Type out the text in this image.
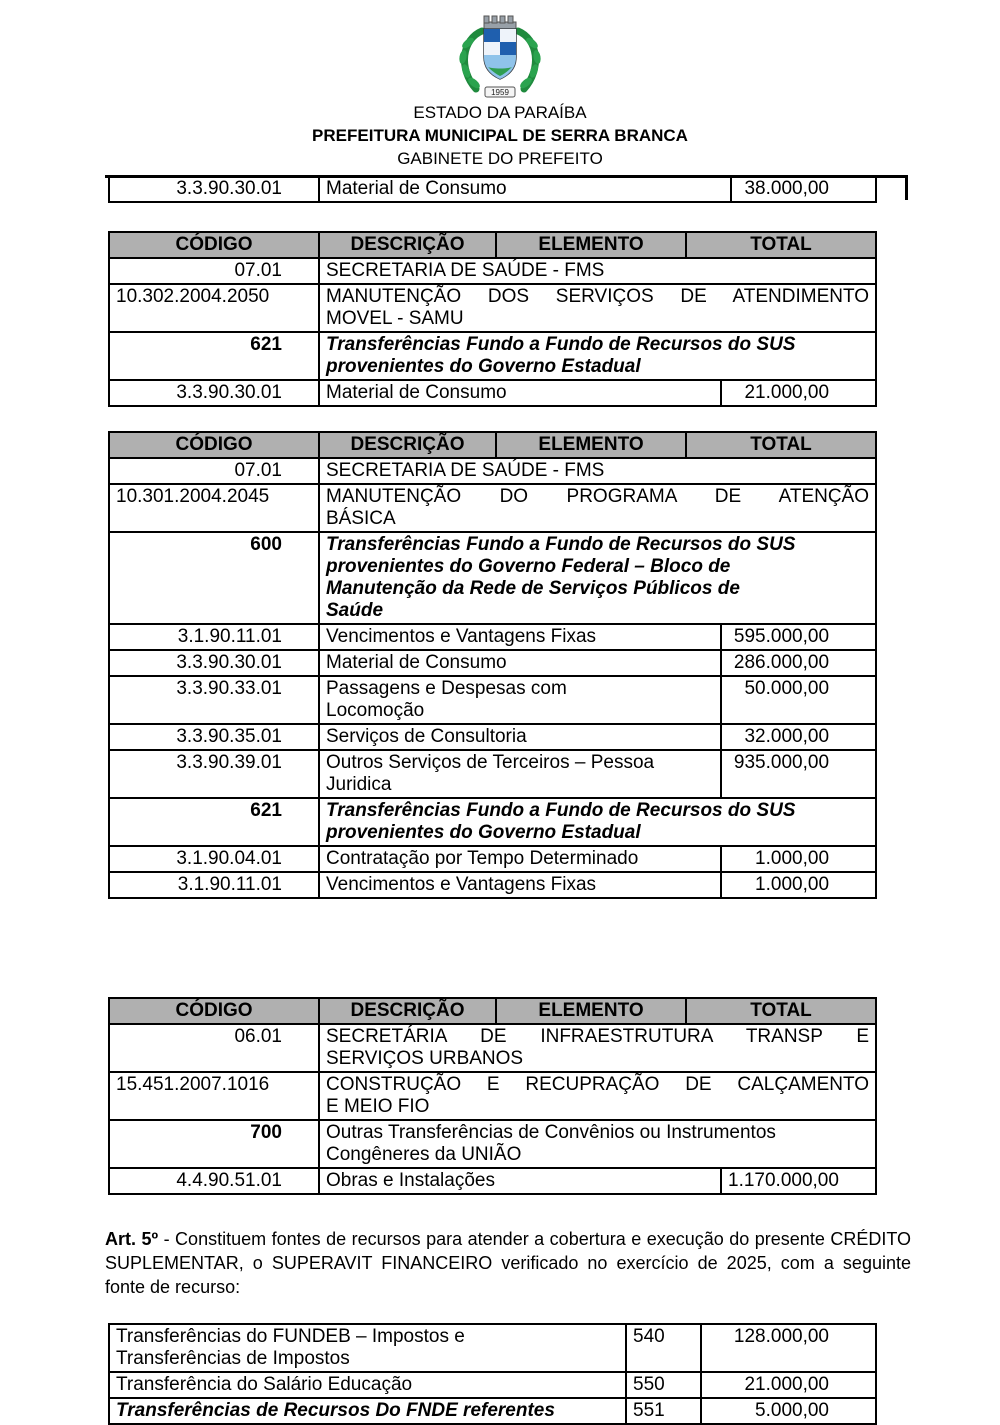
1959
ESTADO DA PARAÍBA
PREFEITURA MUNICIPAL DE SERRA BRANCA
GABINETE DO PREFEITO
3.3.90.30.01	Material de Consumo	38.000,00
CÓDIGO	DESCRIÇÃO	ELEMENTO	TOTAL	
07.01	SECRETARIA DE SAÚDE - FMS			
10.302.2004.2050	MANUTENÇÃO DOS SERVIÇOS DE ATENDIMENTO
MOVEL - SAMU			

621	Transferências Fundo a Fundo de Recursos do SUS
provenientes do Governo Estadual			

3.3.90.30.01	Material de Consumo			21.000,00
CÓDIGO	DESCRIÇÃO	ELEMENTO	TOTAL	
07.01	SECRETARIA DE SAÚDE - FMS			
10.301.2004.2045	MANUTENÇÃO DO PROGRAMA DE ATENÇÃO
BÁSICA			

600	Transferências Fundo a Fundo de Recursos do SUS
provenientes do Governo Federal – Bloco de
Manutenção da Rede de Serviços Públicos de
Saúde			

3.1.90.11.01	Vencimentos e Vantagens Fixas			595.000,00
3.3.90.30.01	Material de Consumo			286.000,00
3.3.90.33.01	Passagens e Despesas com
Locomoção			50.000,00
3.3.90.35.01	Serviços de Consultoria			32.000,00
3.3.90.39.01	Outros Serviços de Terceiros – Pessoa
Juridica			935.000,00
621	Transferências Fundo a Fundo de Recursos do SUS
provenientes do Governo Estadual			

3.1.90.04.01	Contratação por Tempo Determinado			1.000,00
3.1.90.11.01	Vencimentos e Vantagens Fixas			1.000,00
CÓDIGO	DESCRIÇÃO	ELEMENTO	TOTAL	
06.01	SECRETÁRIA DE INFRAESTRUTURA TRANSP E
SERVIÇOS URBANOS			

15.451.2007.1016	CONSTRUÇÃO E RECUPRAÇÃO DE CALÇAMENTO
E MEIO FIO			

700	Outras Transferências de Convênios ou Instrumentos
Congêneres da UNIÃO			

4.4.90.51.01	Obras e Instalações			1.170.000,00

Art. 5º - Constituem fontes de recursos para atender a cobertura e execução do presente CRÉDITO SUPLEMENTAR, o SUPERAVIT FINANCEIRO verificado no exercício de 2025, com a seguinte fonte de recurso:

Transferências do FUNDEB – Impostos e
Transferências de Impostos	540	128.000,00
Transferência do Salário Educação	550	21.000,00
Transferências de Recursos Do FNDE referentes	551	5.000,00
